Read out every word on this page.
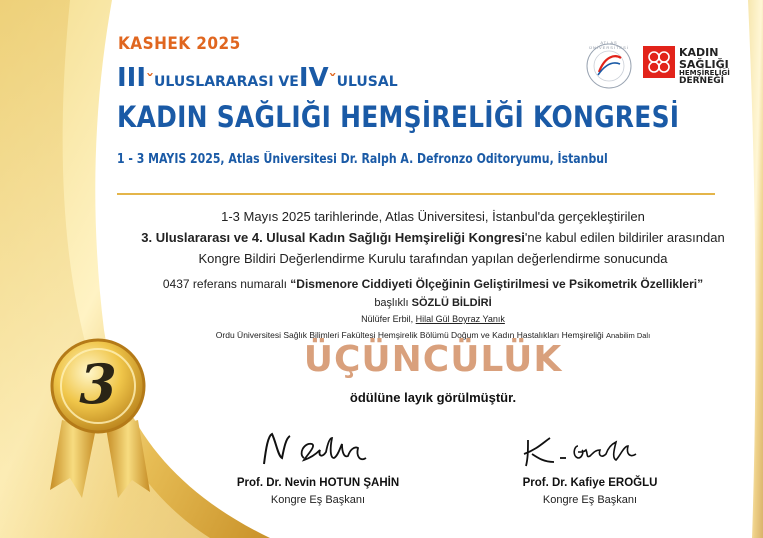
3
KASHEK 2025
IIIˇULUSLARARASI VEIVˇULUSAL
KADIN SAĞLIĞI HEMŞİRELİĞİ KONGRESİ
1 - 3 MAYIS 2025, Atlas Üniversitesi Dr. Ralph A. Defronzo Oditoryumu, İstanbul
ATLAS ÜNİVERSİTESİ	KADIN
SAĞLIĞI
HEMŞİRELİĞİ
DERNEĞİ
1-3 Mayıs 2025 tarihlerinde, Atlas Üniversitesi, İstanbul'da gerçekleştirilen
3. Uluslararası ve 4. Ulusal Kadın Sağlığı Hemşireliği Kongresi'ne kabul edilen bildiriler arasından
Kongre Bildiri Değerlendirme Kurulu tarafından yapılan değerlendirme sonucunda
0437 referans numaralı “Dismenore Ciddiyeti Ölçeğinin Geliştirilmesi ve Psikometrik Özellikleri”
başlıklı SÖZLÜ BİLDİRİ
Nülüfer Erbil, Hilal Gül Boyraz Yanık
Ordu Üniversitesi Sağlık Bilimleri Fakültesi Hemşirelik Bölümü Doğum ve Kadın Hastalıkları Hemşireliği Anabilim Dalı
ÜÇÜNCÜLÜK
ödülüne layık görülmüştür.
Prof. Dr. Nevin HOTUN ŞAHİN
Kongre Eş Başkanı
Prof. Dr. Kafiye EROĞLU
Kongre Eş Başkanı
